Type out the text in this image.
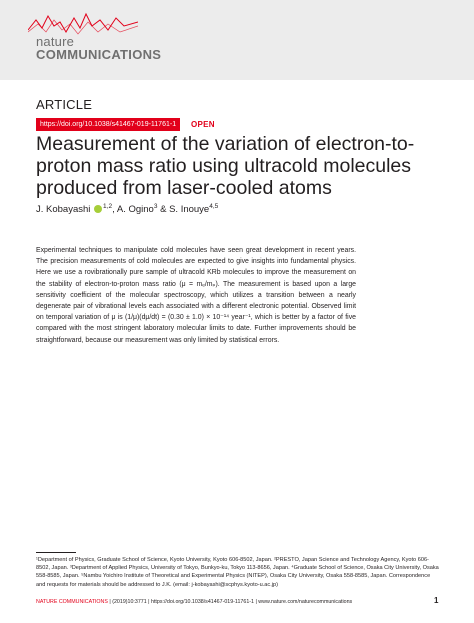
nature
COMMUNICATIONS
ARTICLE
https://doi.org/10.1038/s41467-019-11761-1	OPEN
Measurement of the variation of electron-to-proton mass ratio using ultracold molecules produced from laser-cooled atoms
J. Kobayashi $^{1,2}$, A. Ogino$^3$ & S. Inouye$^{4,5}$

Experimental techniques to manipulate cold molecules have seen great development in recent years. The precision measurements of cold molecules are expected to give insights into fundamental physics. Here we use a rovibrationally pure sample of ultracold KRb molecules to improve the measurement on the stability of electron-to-proton mass ratio (μ = mₑ/mₚ). The measurement is based upon a large sensitivity coefficient of the molecular spectroscopy, which utilizes a transition between a nearly degenerate pair of vibrational levels each associated with a different electronic potential. Observed limit on temporal variation of μ is (1/μ)(dμ/dt) = (0.30 ± 1.0) × 10⁻¹⁴ year⁻¹, which is better by a factor of five compared with the most stringent laboratory molecular limits to date. Further improvements should be straightforward, because our measurement was only limited by statistical errors.

¹Department of Physics, Graduate School of Science, Kyoto University, Kyoto 606-8502, Japan. ²PRESTO, Japan Science and Technology Agency, Kyoto 606-8502, Japan. ³Department of Applied Physics, University of Tokyo, Bunkyo-ku, Tokyo 113-8656, Japan. ⁴Graduate School of Science, Osaka City University, Osaka 558-8585, Japan. ⁵Nambu Yoichiro Institute of Theoretical and Experimental Physics (NITEP), Osaka City University, Osaka 558-8585, Japan. Correspondence and requests for materials should be addressed to J.K. (email: j-kobayashi@scphys.kyoto-u.ac.jp)

NATURE COMMUNICATIONS | (2019)10:3771 | https://doi.org/10.1038/s41467-019-11761-1 | www.nature.com/naturecommunications	1
